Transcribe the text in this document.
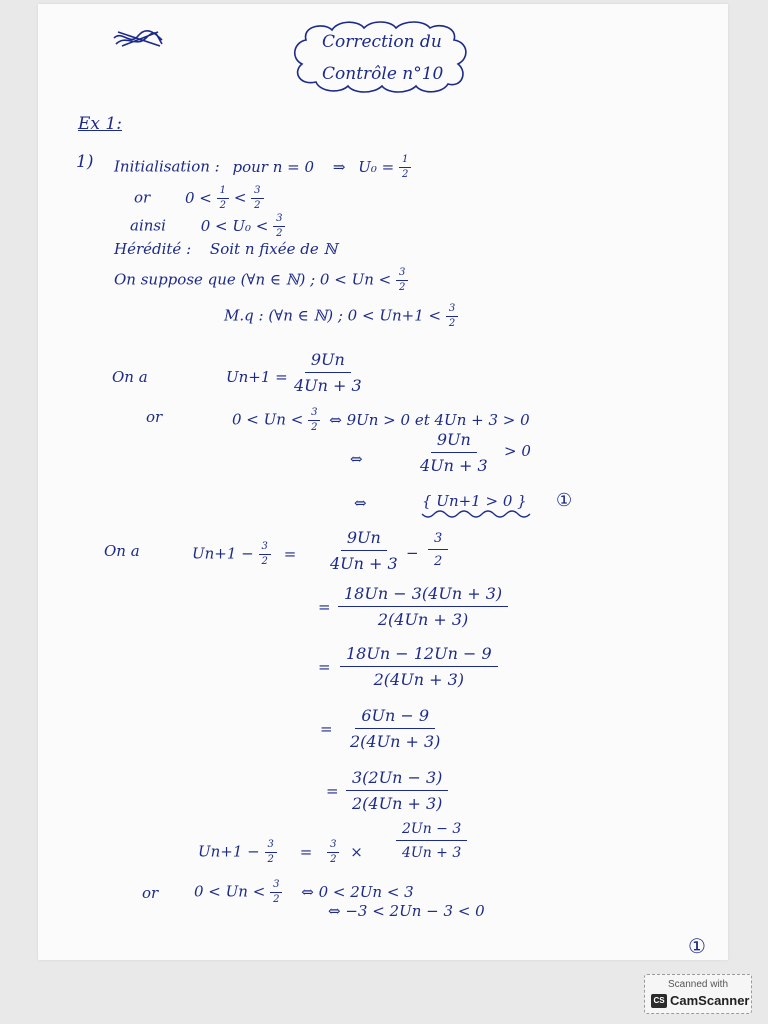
Correction du
Contrôle n°10
Ex 1:
1) Initialisation : pour n = 0 ⇒ $U_0 = \frac{1}{2}$
or $0 < \frac{1}{2} < \frac{3}{2}$
ainsi $0 < U_0 < \frac{3}{2}$
Hérédité : Soit n fixée de ℕ
On suppose que (∀n ∈ ℕ) ; $0 < Un < \frac{3}{2}$
M.q : (∀n ∈ ℕ) ; $0 < Un+1 < \frac{3}{2}$
On a	Un+1 =
9Un
4Un + 3
or	$0 < Un < \frac{3}{2}$ ⇔ 9Un > 0 et 4Un + 3 > 0
⇔
9Un
4Un + 3
> 0
⇔	{ Un+1 > 0 } ①
On a	$Un+1 - \frac{3}{2}$ =
9Un
4Un + 3
−
3
2
=
18Un − 3(4Un + 3)
2(4Un + 3)
=
18Un − 12Un − 9
2(4Un + 3)
=
6Un − 9
2(4Un + 3)
=
3(2Un − 3)
2(4Un + 3)
$Un+1 - \frac{3}{2} = \frac{3}{2}$ ×
2Un − 3
4Un + 3
or $0 < Un < \frac{3}{2}$ ⇔ 0 < 2Un < 3
⇔ −3 < 2Un − 3 < 0
①
Scanned with
CS CamScanner
